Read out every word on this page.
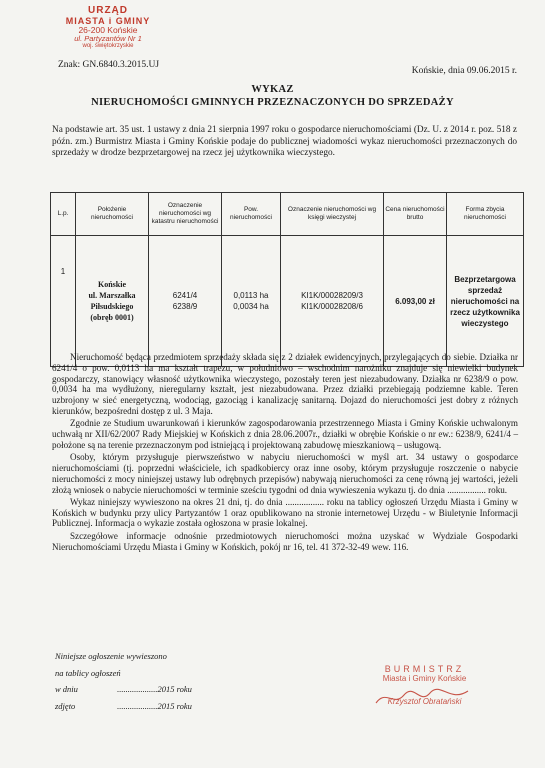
URZĄD
MIASTA i GMINY
26-200 Końskie
ul. Partyzantów Nr 1
woj. świętokrzyskie
Znak: GN.6840.3.2015.UJ
Końskie, dnia 09.06.2015 r.
WYKAZ
NIERUCHOMOŚCI GMINNYCH PRZEZNACZONYCH DO SPRZEDAŻY
Na podstawie art. 35 ust. 1 ustawy z dnia 21 sierpnia 1997 roku o gospodarce nieruchomościami (Dz. U. z 2014 r. poz. 518 z późn. zm.) Burmistrz Miasta i Gminy Końskie podaje do publicznej wiadomości wykaz nieruchomości przeznaczonych do sprzedaży w drodze bezprzetargowej na rzecz jej użytkownika wieczystego.
L.p.	Położenie nieruchomości	Oznaczenie nieruchomości wg katastru nieruchomości	Pow. nieruchomości	Oznaczenie nieruchomości wg księgi wieczystej	Cena nieruchomości brutto	Forma zbycia nieruchomości
1	Końskie
ul. Marszałka Piłsudskiego
(obręb 0001)	6241/4
6238/9	0,0113 ha
0,0034 ha	KI1K/00028209/3
KI1K/00028208/6	6.093,00 zł	Bezprzetargowa sprzedaż nieruchomości na rzecz użytkownika wieczystego

Nieruchomość będąca przedmiotem sprzedaży składa się z 2 działek ewidencyjnych, przylegających do siebie. Działka nr 6241/4 o pow. 0,0113 ha ma kształt trapezu, w południowo – wschodnim narożniku znajduje się niewielki budynek gospodarczy, stanowiący własność użytkownika wieczystego, pozostały teren jest niezabudowany. Działka nr 6238/9 o pow. 0,0034 ha ma wydłużony, nieregularny kształt, jest niezabudowana. Przez działki przebiegają podziemne kable. Teren uzbrojony w sieć energetyczną, wodociąg, gazociąg i kanalizację sanitarną. Dojazd do nieruchomości jest dobry z różnych kierunków, bezpośredni dostęp z ul. 3 Maja.

Zgodnie ze Studium uwarunkowań i kierunków zagospodarowania przestrzennego Miasta i Gminy Końskie uchwalonym uchwałą nr XII/62/2007 Rady Miejskiej w Końskich z dnia 28.06.2007r., działki w obrębie Końskie o nr ew.: 6238/9, 6241/4 – położone są na terenie przeznaczonym pod istniejącą i projektowaną zabudowę mieszkaniową – usługową.

Osoby, którym przysługuje pierwszeństwo w nabyciu nieruchomości w myśl art. 34 ustawy o gospodarce nieruchomościami (tj. poprzedni właściciele, ich spadkobiercy oraz inne osoby, którym przysługuje roszczenie o nabycie nieruchomości z mocy niniejszej ustawy lub odrębnych przepisów) nabywają nieruchomości za cenę równą jej wartości, jeżeli złożą wniosek o nabycie nieruchomości w terminie sześciu tygodni od dnia wywieszenia wykazu tj. do dnia ................. roku.

Wykaz niniejszy wywieszono na okres 21 dni, tj. do dnia ................. roku na tablicy ogłoszeń Urzędu Miasta i Gminy w Końskich w budynku przy ulicy Partyzantów 1 oraz opublikowano na stronie internetowej Urzędu - w Biuletynie Informacji Publicznej. Informacja o wykazie została ogłoszona w prasie lokalnej.

Szczegółowe informacje odnośnie przedmiotowych nieruchomości można uzyskać w Wydziale Gospodarki Nieruchomościami Urzędu Miasta i Gminy w Końskich, pokój nr 16, tel. 41 372-32-49 wew. 116.

Niniejsze ogłoszenie wywieszono
na tablicy ogłoszeń
w dniu	...................2015 roku
zdjęto	...................2015 roku
BURMISTRZ
Miasta i Gminy Końskie
Krzysztof Obratański
